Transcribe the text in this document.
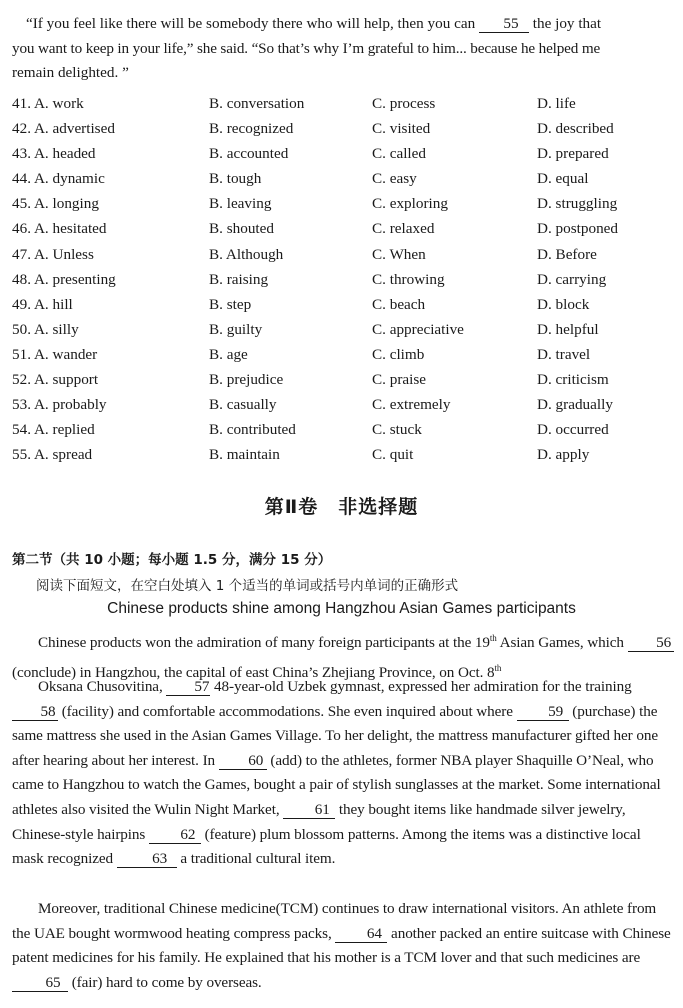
“If you feel like there will be somebody there who will help, then you can 55 the joy that
you want to keep in your life,” she said. “So that’s why I’m grateful to him... because he helped me
remain delighted. ”
41. A. work	B. conversation	C. process	D. life
42. A. advertised	B. recognized	C. visited	D. described
43. A. headed	B. accounted	C. called	D. prepared
44. A. dynamic	B. tough	C. easy	D. equal
45. A. longing	B. leaving	C. exploring	D. struggling
46. A. hesitated	B. shouted	C. relaxed	D. postponed
47. A. Unless	B. Although	C. When	D. Before
48. A. presenting	B. raising	C. throwing	D. carrying
49. A. hill	B. step	C. beach	D. block
50. A. silly	B. guilty	C. appreciative	D. helpful
51. A. wander	B. age	C. climb	D. travel
52. A. support	B. prejudice	C. praise	D. criticism
53. A. probably	B. casually	C. extremely	D. gradually
54. A. replied	B. contributed	C. stuck	D. occurred
55. A. spread	B. maintain	C. quit	D. apply
第Ⅱ卷　非选择题
第二节（共 10 小题；每小题 1.5 分，满分 15 分）
阅读下面短文，在空白处填入 1 个适当的单词或括号内单词的正确形式
Chinese products shine among Hangzhou Asian Games participants
Chinese products won the admiration of many foreign participants at the 19th Asian Games, which 56 (conclude) in Hangzhou, the capital of east China’s Zhejiang Province, on Oct. 8th
Oksana Chusovitina, 57 48-year-old Uzbek gymnast, expressed her admiration for the training 58 (facility) and comfortable accommodations. She even inquired about where 59 (purchase) the same mattress she used in the Asian Games Village. To her delight, the mattress manufacturer gifted her one after hearing about her interest. In 60 (add) to the athletes, former NBA player Shaquille O’Neal, who came to Hangzhou to watch the Games, bought a pair of stylish sunglasses at the market. Some international athletes also visited the Wulin Night Market, 61 they bought items like handmade silver jewelry, Chinese-style hairpins 62 (feature) plum blossom patterns. Among the items was a distinctive local mask recognized 63 a traditional cultural item.
Moreover, traditional Chinese medicine(TCM) continues to draw international visitors. An athlete from the UAE bought wormwood heating compress packs, 64 another packed an entire suitcase with Chinese patent medicines for his family. He explained that his mother is a TCM lover and that such medicines are 65 (fair) hard to come by overseas.
